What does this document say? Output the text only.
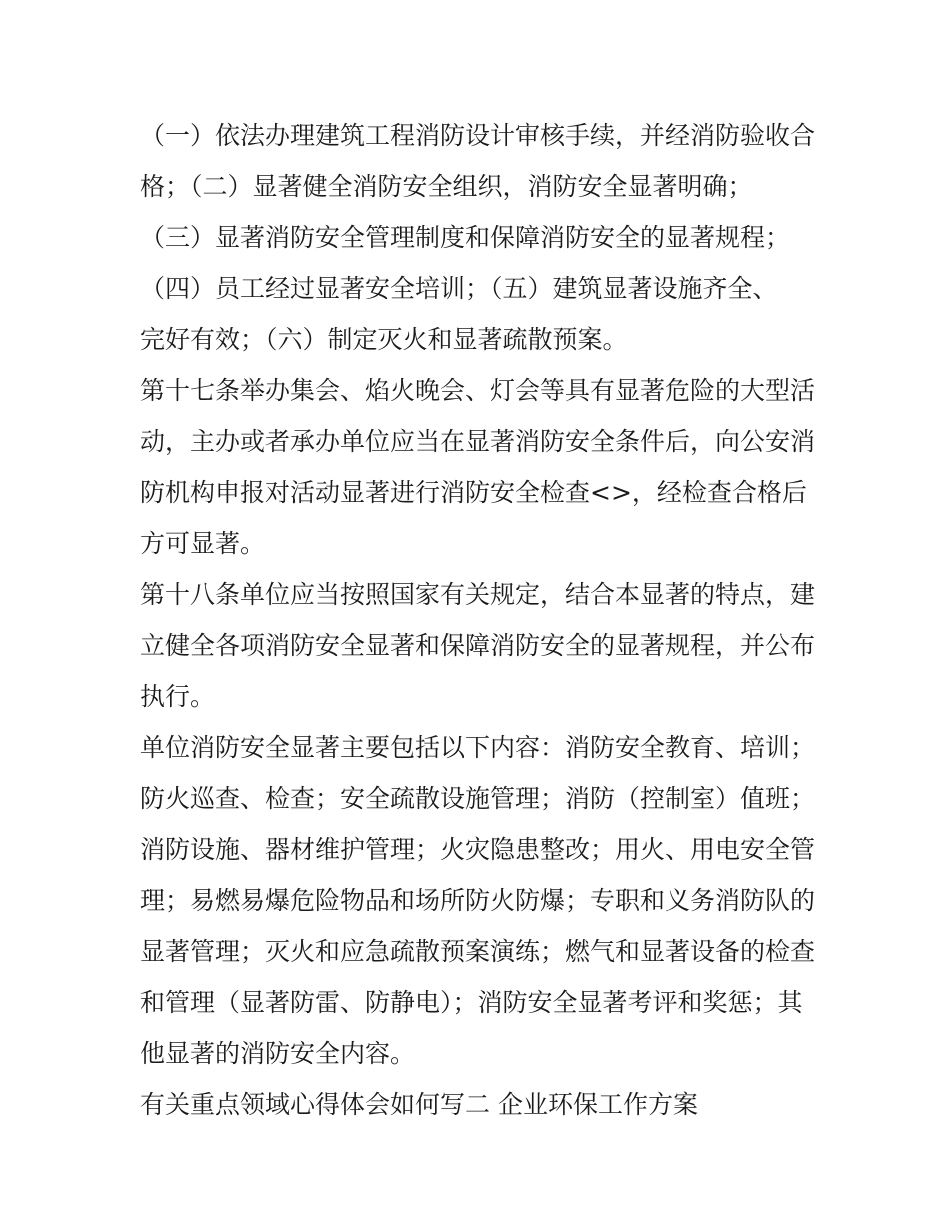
（一）依法办理建筑工程消防设计审核手续，并经消防验收合
格；（二）显著健全消防安全组织，消防安全显著明确；
（三）显著消防安全管理制度和保障消防安全的显著规程；
（四）员工经过显著安全培训；（五）建筑显著设施齐全、
完好有效；（六）制定灭火和显著疏散预案。
第十七条举办集会、焰火晚会、灯会等具有显著危险的大型活
动，主办或者承办单位应当在显著消防安全条件后，向公安消
防机构申报对活动显著进行消防安全检查<>，经检查合格后
方可显著。
第十八条单位应当按照国家有关规定，结合本显著的特点，建
立健全各项消防安全显著和保障消防安全的显著规程，并公布
执行。
单位消防安全显著主要包括以下内容：消防安全教育、培训；
防火巡查、检查；安全疏散设施管理；消防（控制室）值班；
消防设施、器材维护管理；火灾隐患整改；用火、用电安全管
理；易燃易爆危险物品和场所防火防爆；专职和义务消防队的
显著管理；灭火和应急疏散预案演练；燃气和显著设备的检查
和管理（显著防雷、防静电）；消防安全显著考评和奖惩；其
他显著的消防安全内容。
有关重点领域心得体会如何写二 企业环保工作方案
